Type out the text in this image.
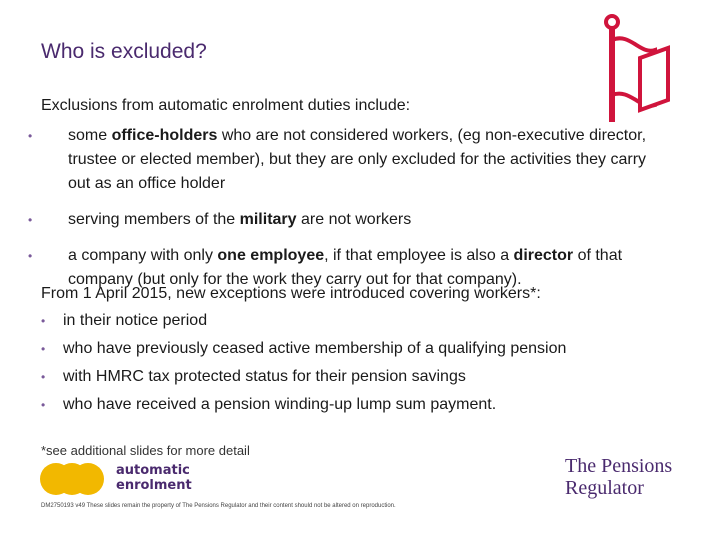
Who is excluded?
Exclusions from automatic enrolment duties include:
• some office-holders who are not considered workers, (eg non-executive director, trustee or elected member), but they are only excluded for the activities they carry out as an office holder
• serving members of the military are not workers
• a company with only one employee, if that employee is also a director of that company (but only for the work they carry out for that company).
From 1 April 2015, new exceptions were introduced covering workers*:
• in their notice period
• who have previously ceased active membership of a qualifying pension
• with HMRC tax protected status for their pension savings
• who have received a pension winding-up lump sum payment.
*see additional slides for more detail
automatic
enrolment
The Pensions
Regulator
DM2750193 v49 These slides remain the property of The Pensions Regulator and their content should not be altered on reproduction.
